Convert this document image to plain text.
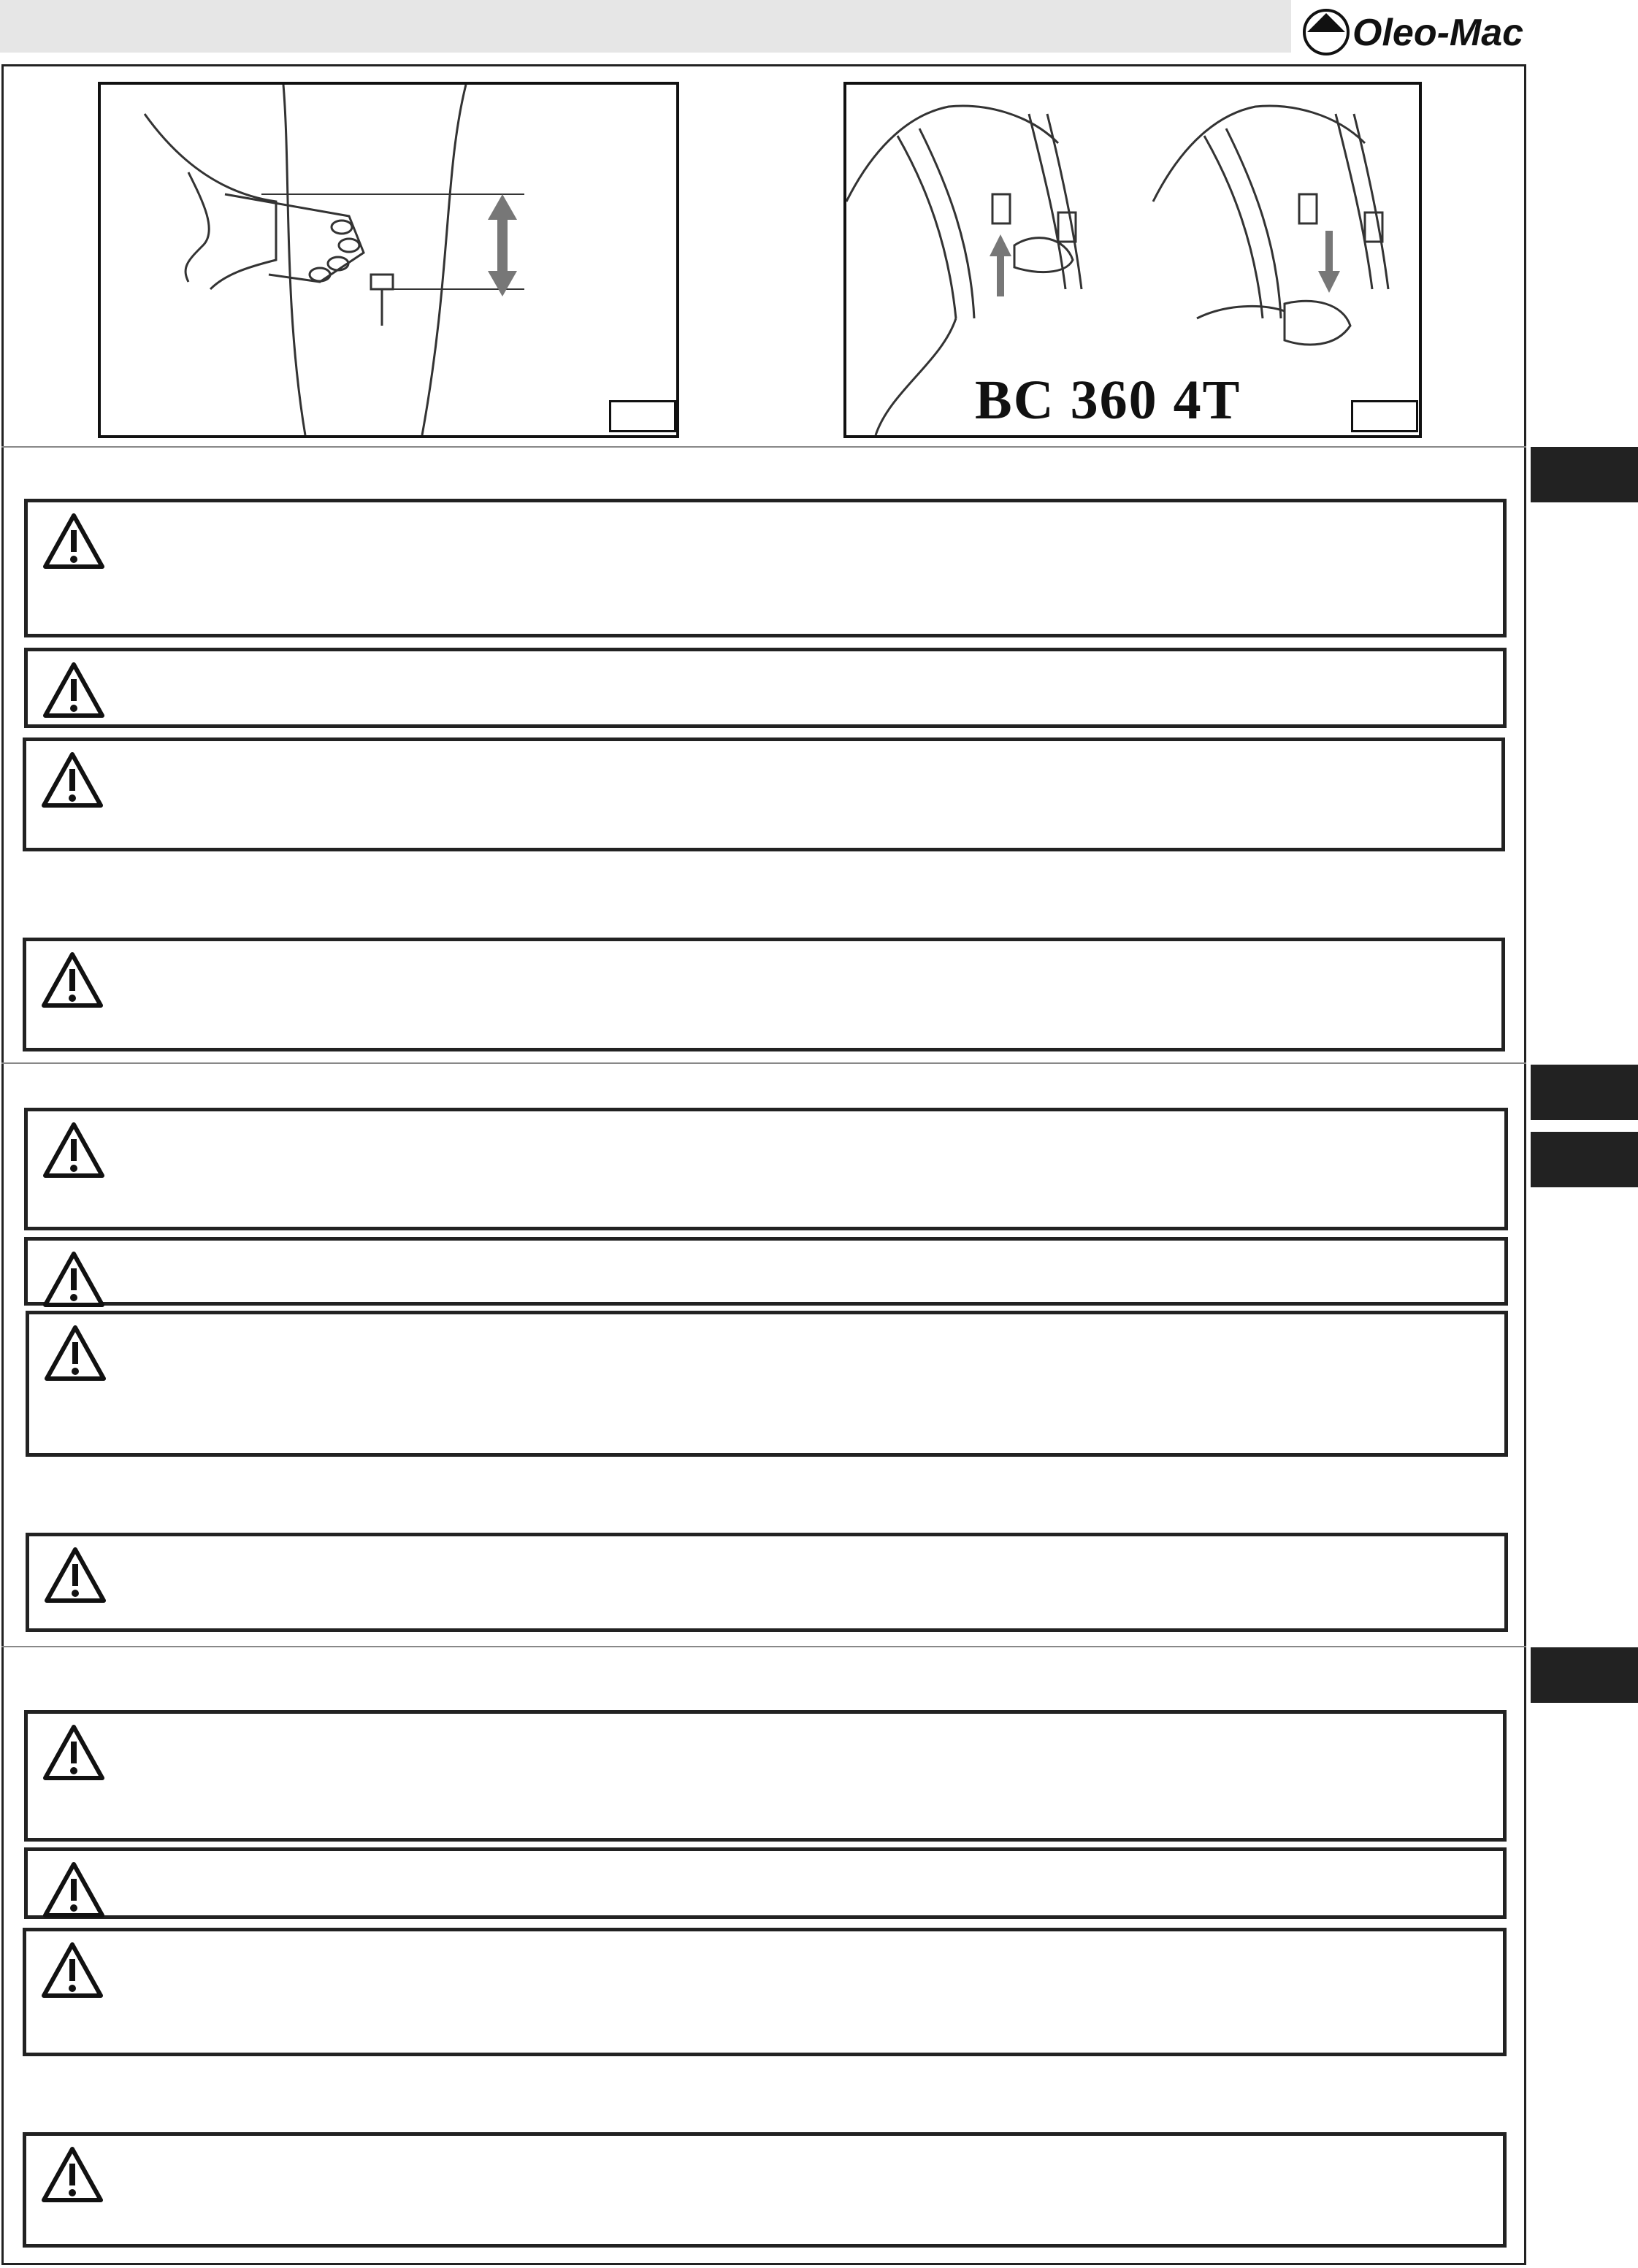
Oleo-Mac
BC 360 4T
